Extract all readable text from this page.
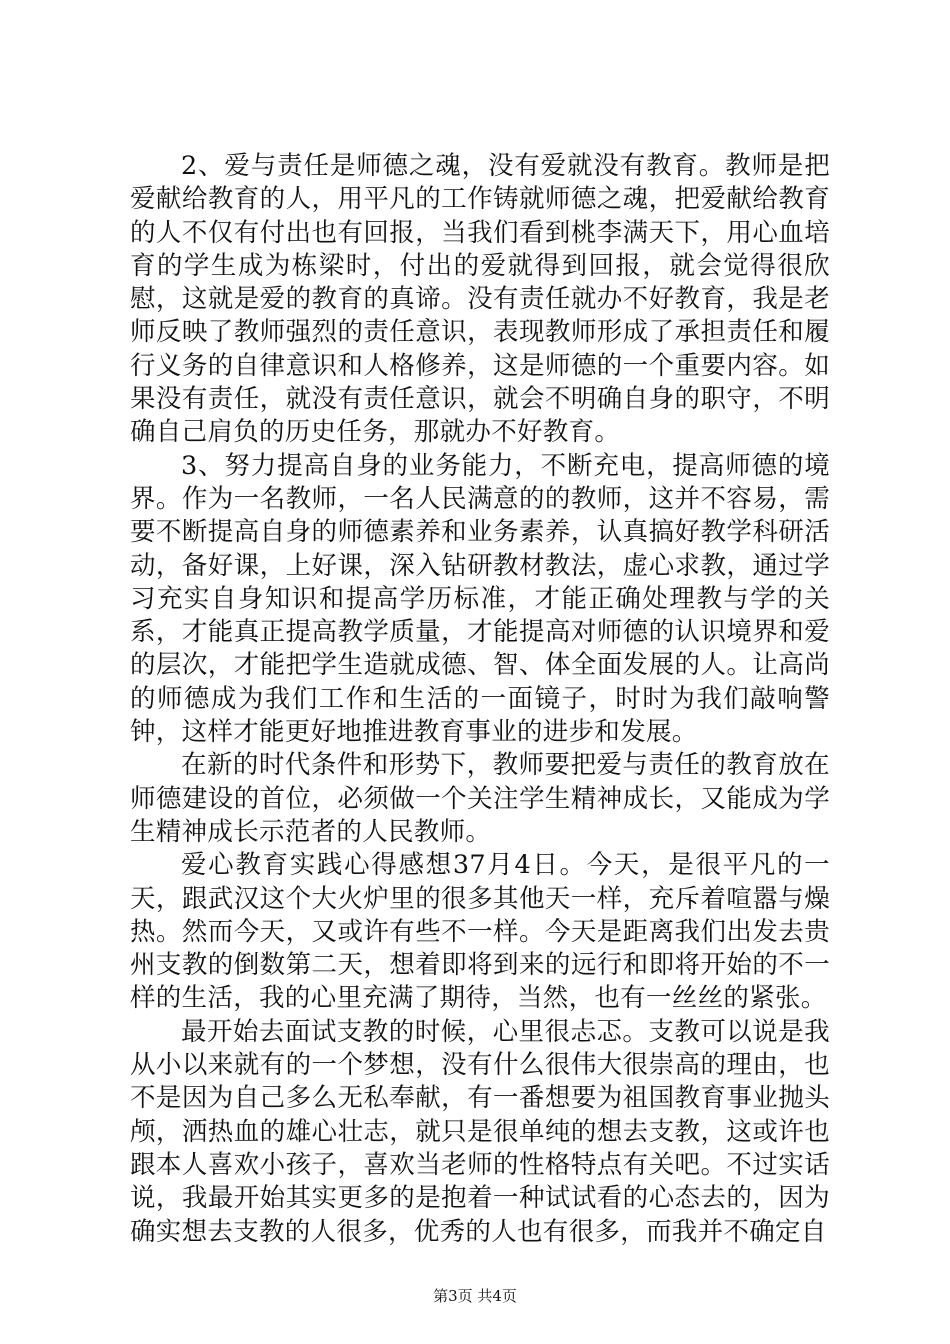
2、爱与责任是师德之魂，没有爱就没有教育。教师是把爱献给教育的人，用平凡的工作铸就师德之魂，把爱献给教育的人不仅有付出也有回报，当我们看到桃李满天下，用心血培育的学生成为栋梁时，付出的爱就得到回报，就会觉得很欣慰，这就是爱的教育的真谛。没有责任就办不好教育，我是老师反映了教师强烈的责任意识，表现教师形成了承担责任和履行义务的自律意识和人格修养，这是师德的一个重要内容。如果没有责任，就没有责任意识，就会不明确自身的职守，不明确自己肩负的历史任务，那就办不好教育。

3、努力提高自身的业务能力，不断充电，提高师德的境界。作为一名教师，一名人民满意的的教师，这并不容易，需要不断提高自身的师德素养和业务素养，认真搞好教学科研活动，备好课，上好课，深入钻研教材教法，虚心求教，通过学习充实自身知识和提高学历标准，才能正确处理教与学的关系，才能真正提高教学质量，才能提高对师德的认识境界和爱的层次，才能把学生造就成德、智、体全面发展的人。让高尚的师德成为我们工作和生活的一面镜子，时时为我们敲响警钟，这样才能更好地推进教育事业的进步和发展。

在新的时代条件和形势下，教师要把爱与责任的教育放在师德建设的首位，必须做一个关注学生精神成长，又能成为学生精神成长示范者的人民教师。

爱心教育实践心得感想37月4日。今天，是很平凡的一天，跟武汉这个大火炉里的很多其他天一样，充斥着喧嚣与燥热。然而今天，又或许有些不一样。今天是距离我们出发去贵州支教的倒数第二天，想着即将到来的远行和即将开始的不一样的生活，我的心里充满了期待，当然，也有一丝丝的紧张。

最开始去面试支教的时候，心里很忐忑。支教可以说是我从小以来就有的一个梦想，没有什么很伟大很崇高的理由，也不是因为自己多么无私奉献，有一番想要为祖国教育事业抛头颅，洒热血的雄心壮志，就只是很单纯的想去支教，这或许也跟本人喜欢小孩子，喜欢当老师的性格特点有关吧。不过实话说，我最开始其实更多的是抱着一种试试看的心态去的，因为确实想去支教的人很多，优秀的人也有很多，而我并不确定自

第3页 共4页
